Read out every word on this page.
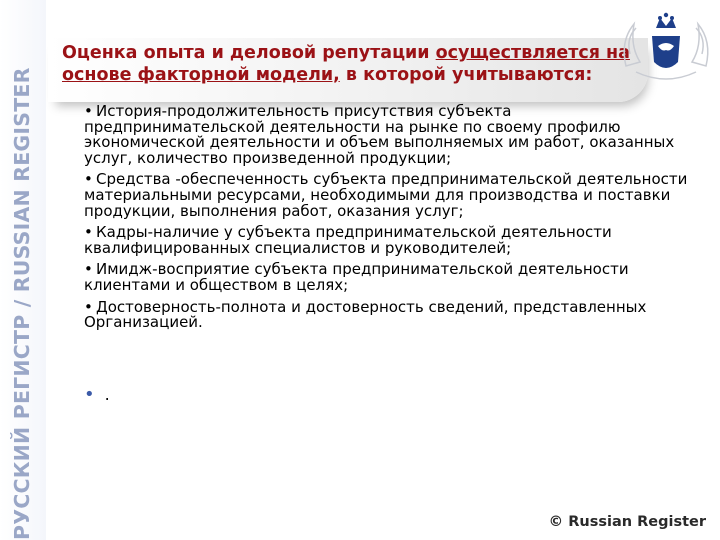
РУССКИЙ РЕГИСТР / RUSSIAN REGISTER
Оценка опыта и деловой репутации осуществляется на
основе факторной модели, в которой учитываются:
• История-продолжительность присутствия субъекта предпринимательской деятельности на рынке по своему профилю экономической деятельности и объем выполняемых им работ, оказанных услуг, количество произведенной продукции;
• Средства -обеспеченность субъекта предпринимательской деятельности материальными ресурсами, необходимыми для производства и поставки продукции, выполнения работ, оказания услуг;
• Кадры-наличие у субъекта предпринимательской деятельности квалифицированных специалистов и руководителей;
• Имидж-восприятие субъекта предпринимательской деятельности клиентами и обществом в целях;
• Достоверность-полнота и достоверность сведений, представленных Организацией.
• .
© Russian Register
